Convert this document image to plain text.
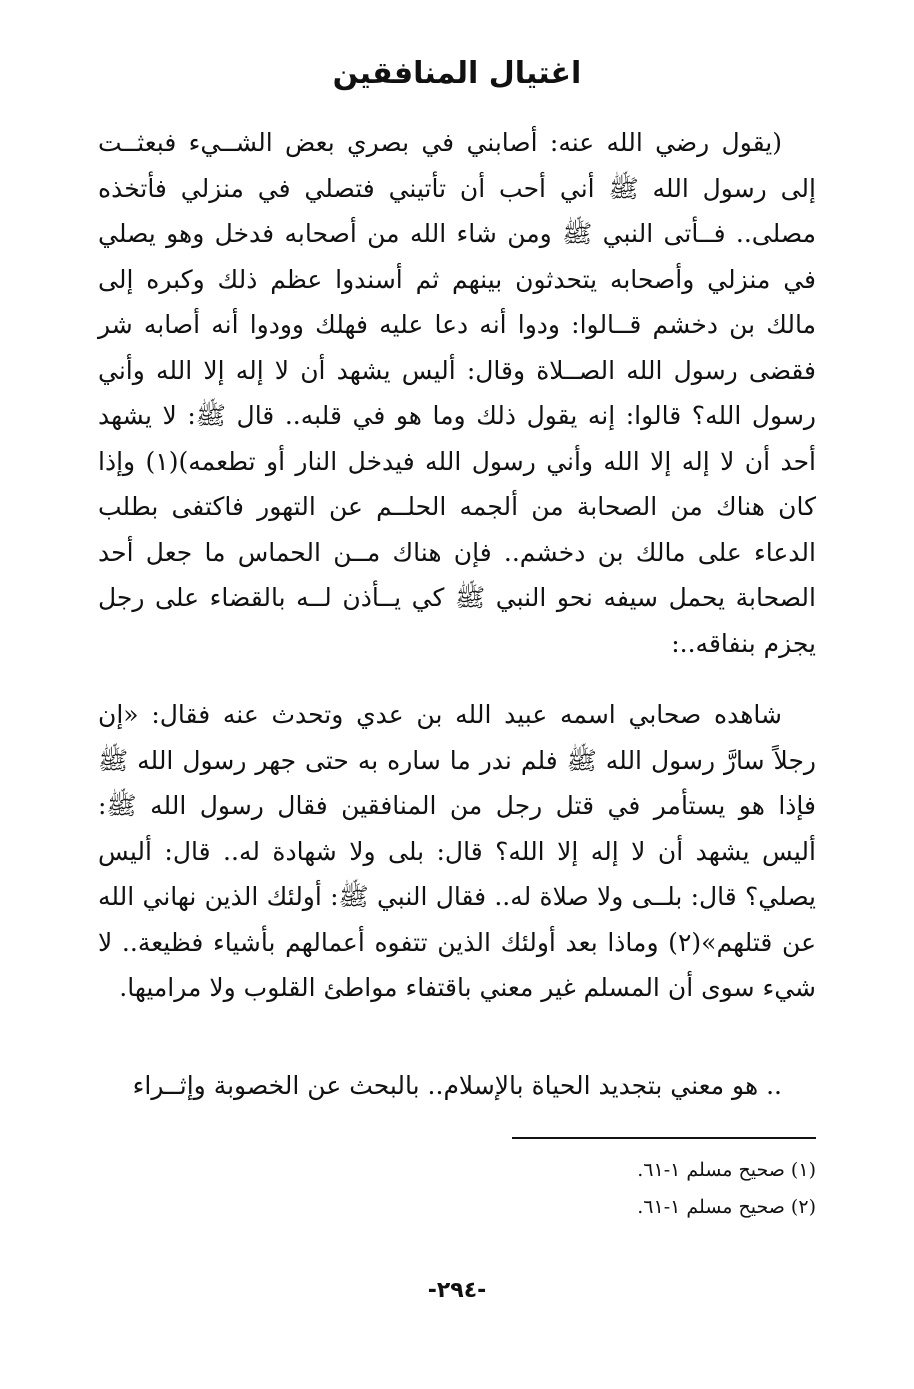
اغتيال المنافقين

(يقول رضي الله عنه: أصابني في بصري بعض الشــيء فبعثــت إلى رسول الله ﷺ أني أحب أن تأتيني فتصلي في منزلي فأتخذه مصلى.. فــأتى النبي ﷺ ومن شاء الله من أصحابه فدخل وهو يصلي في منزلي وأصحابه يتحدثون بينهم ثم أسندوا عظم ذلك وكبره إلى مالك بن دخشم قــالوا: ودوا أنه دعا عليه فهلك وودوا أنه أصابه شر فقضى رسول الله الصــلاة وقال: أليس يشهد أن لا إله إلا الله وأني رسول الله؟ قالوا: إنه يقول ذلك وما هو في قلبه.. قال ﷺ: لا يشهد أحد أن لا إله إلا الله وأني رسول الله فيدخل النار أو تطعمه)(١) وإذا كان هناك من الصحابة من ألجمه الحلــم عن التهور فاكتفى بطلب الدعاء على مالك بن دخشم.. فإن هناك مــن الحماس ما جعل أحد الصحابة يحمل سيفه نحو النبي ﷺ كي يــأذن لــه بالقضاء على رجل يجزم بنفاقه..:

شاهده صحابي اسمه عبيد الله بن عدي وتحدث عنه فقال: «إن رجلاً سارَّ رسول الله ﷺ فلم ندر ما ساره به حتى جهر رسول الله ﷺ فإذا هو يستأمر في قتل رجل من المنافقين فقال رسول الله ﷺ: أليس يشهد أن لا إله إلا الله؟ قال: بلى ولا شهادة له.. قال: أليس يصلي؟ قال: بلــى ولا صلاة له.. فقال النبي ﷺ: أولئك الذين نهاني الله عن قتلهم»(٢) وماذا بعد أولئك الذين تتفوه أعمالهم بأشياء فظيعة.. لا شيء سوى أن المسلم غير معني باقتفاء مواطئ القلوب ولا مراميها.

.. هو معني بتجديد الحياة بالإسلام.. بالبحث عن الخصوبة وإثــراء

(١) صحيح مسلم ١-٦١.

(٢) صحيح مسلم ١-٦١.

-٢٩٤-
